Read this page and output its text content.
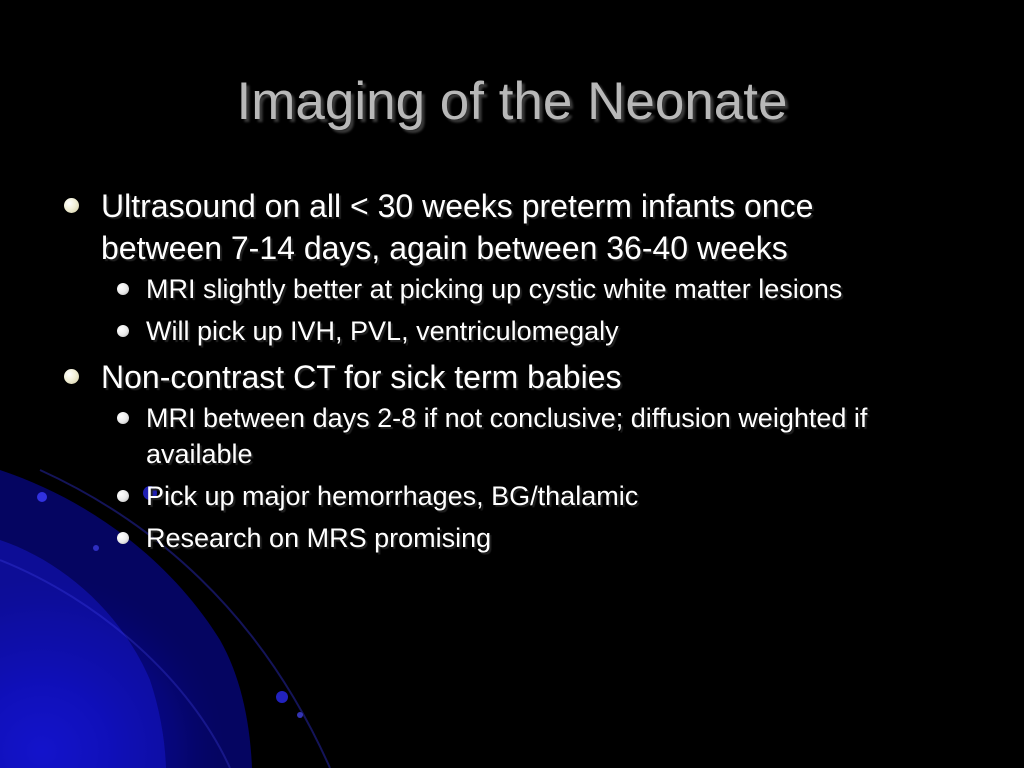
Imaging of the Neonate
Ultrasound on all < 30 weeks preterm infants once between 7-14 days, again between 36-40 weeks
MRI slightly better at picking up cystic white matter lesions
Will pick up IVH, PVL, ventriculomegaly
Non-contrast CT for sick term babies
MRI between days 2-8 if not conclusive; diffusion weighted if available
Pick up major hemorrhages, BG/thalamic
Research on MRS promising
